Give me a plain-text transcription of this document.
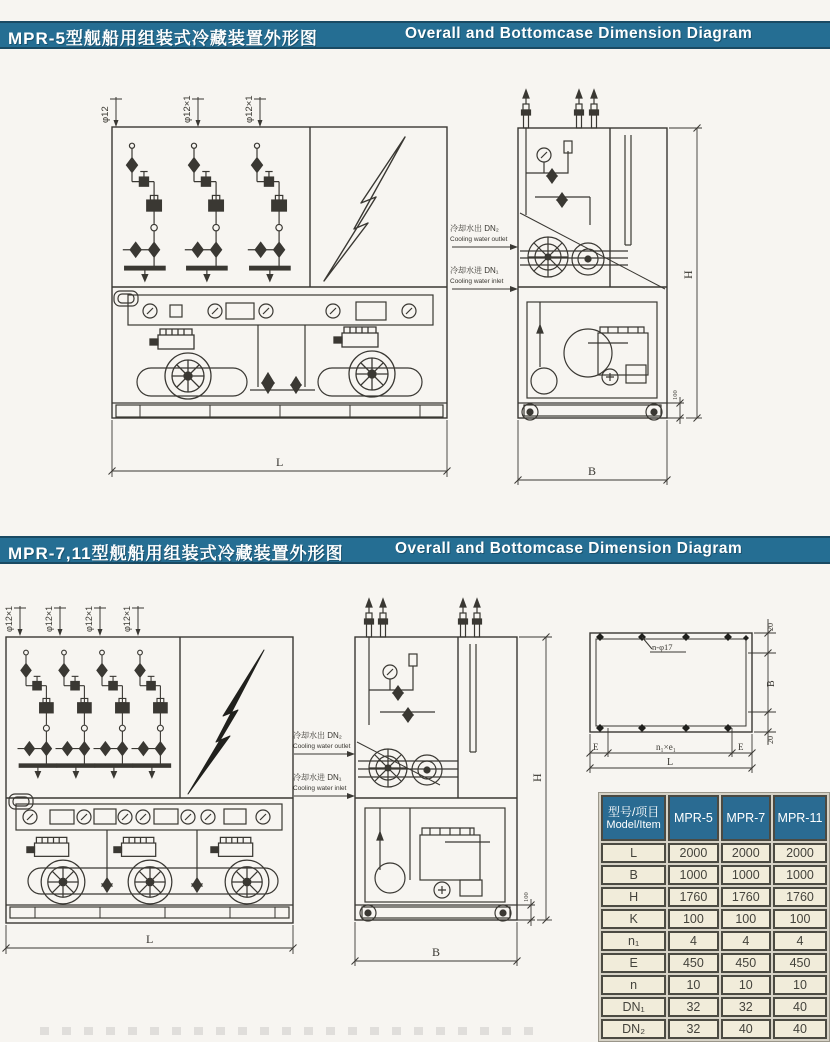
MPR-5型舰船用组装式冷藏装置外形图	Overall and Bottomcase Dimension Diagram
φ12	φ12×1	φ12×1
L
冷却水出 DN₂
Cooling water outlet
冷却水进 DN₁
Cooling water inlet
100
H
B
MPR-7,11型舰船用组装式冷藏装置外形图	Overall and Bottomcase Dimension Diagram
φ12×1	φ12×1	φ12×1	φ12×1
L
冷却水出 DN₂
Cooling water outlet
冷却水进 DN₁
Cooling water inlet
100
H
B
n-φ17
20
B
20
E	n₁×e₁	E
L
型号/项目
Model/Item	MPR-5	MPR-7	MPR-11
L	2000	2000	2000
B	1000	1000	1000
H	1760	1760	1760
K	100	100	100
n₁	4	4	4
E	450	450	450
n	10	10	10
DN₁	32	32	40
DN₂	32	40	40
